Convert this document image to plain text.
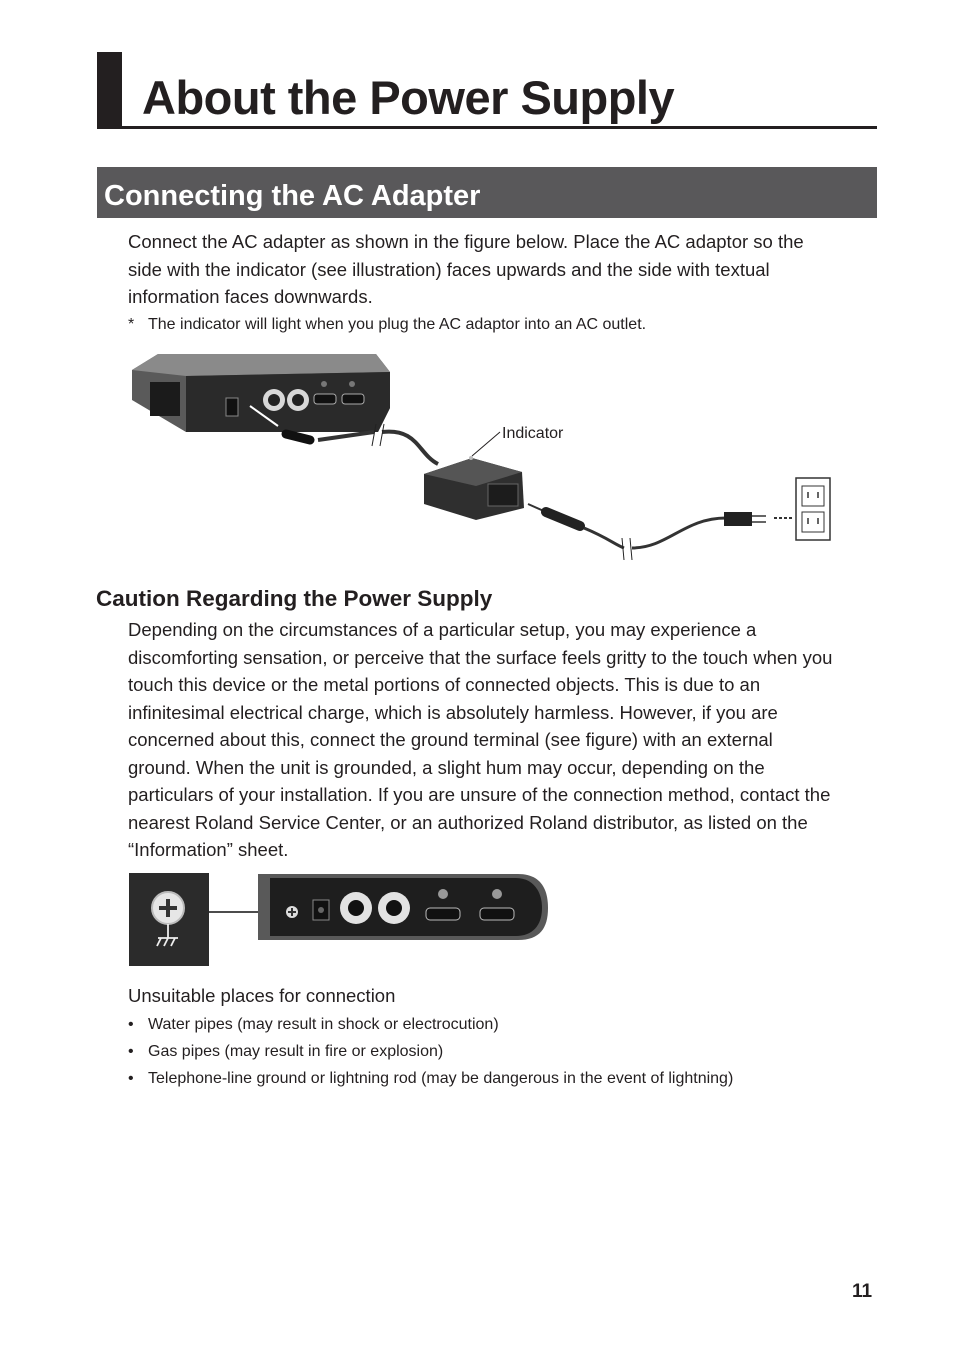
About the Power Supply
Connecting the AC Adapter

Connect the AC adapter as shown in the figure below. Place the AC adaptor so the side with the indicator (see illustration) faces upwards and the side with textual information faces downwards.

* The indicator will light when you plug the AC adaptor into an AC outlet.

Indicator
Caution Regarding the Power Supply

Depending on the circumstances of a particular setup, you may experience a discomforting sensation, or perceive that the surface feels gritty to the touch when you touch this device or the metal portions of connected objects. This is due to an infinitesimal electrical charge, which is absolutely harmless. However, if you are concerned about this, connect the ground terminal (see figure) with an external ground. When the unit is grounded, a slight hum may occur, depending on the particulars of your installation. If you are unsure of the connection method, contact the nearest Roland Service Center, or an authorized Roland distributor, as listed on the “Information” sheet.

Unsuitable places for connection

• Water pipes (may result in shock or electrocution)
• Gas pipes (may result in fire or explosion)
• Telephone-line ground or lightning rod (may be dangerous in the event of lightning)
11
